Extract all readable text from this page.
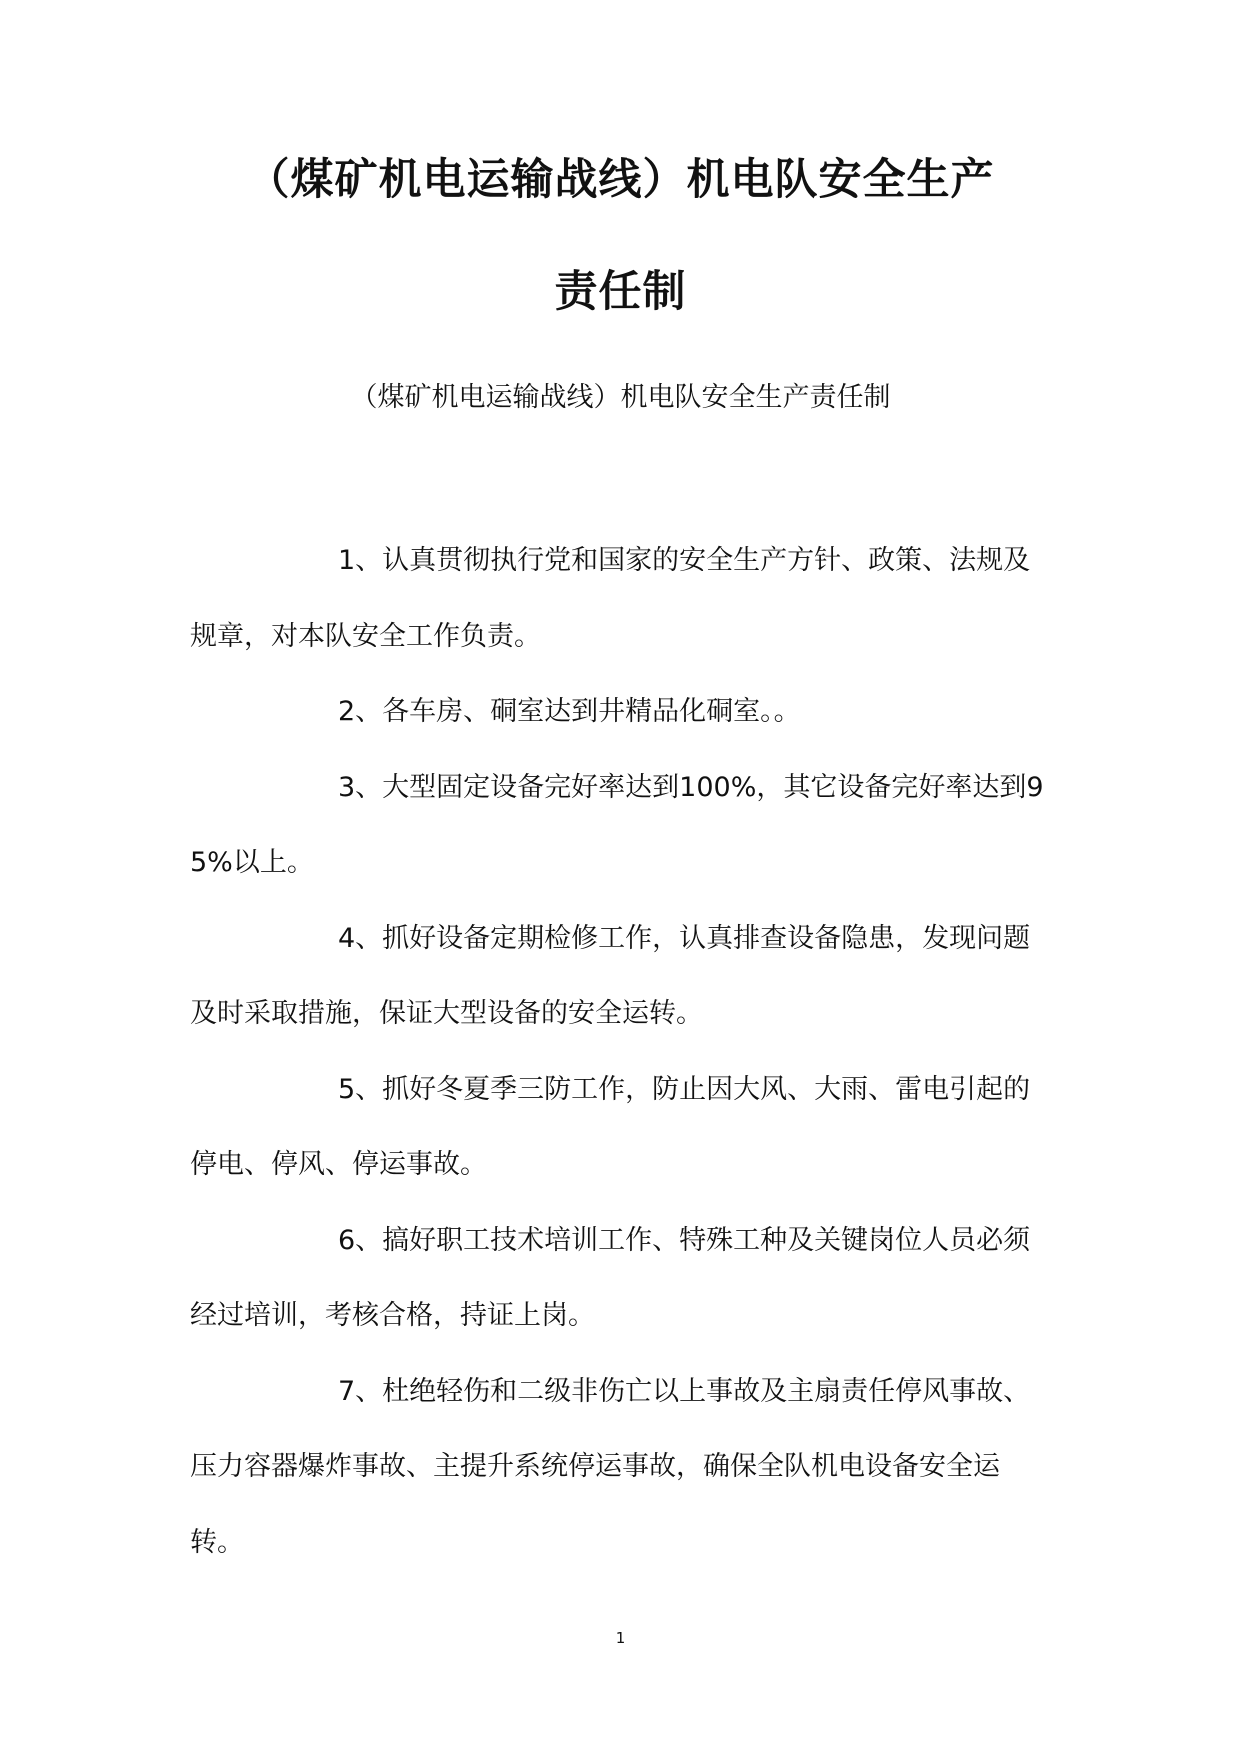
（煤矿机电运输战线）机电队安全生产
责任制
（煤矿机电运输战线）机电队安全生产责任制

1、认真贯彻执行党和国家的安全生产方针、政策、法规及规章，对本队安全工作负责。

2、各车房、硐室达到井精品化硐室。。

3、大型固定设备完好率达到100%，其它设备完好率达到95%以上。

4、抓好设备定期检修工作，认真排查设备隐患，发现问题及时采取措施，保证大型设备的安全运转。

5、抓好冬夏季三防工作，防止因大风、大雨、雷电引起的停电、停风、停运事故。

6、搞好职工技术培训工作、特殊工种及关键岗位人员必须经过培训，考核合格，持证上岗。

7、杜绝轻伤和二级非伤亡以上事故及主扇责任停风事故、压力容器爆炸事故、主提升系统停运事故，确保全队机电设备安全运转。

1
